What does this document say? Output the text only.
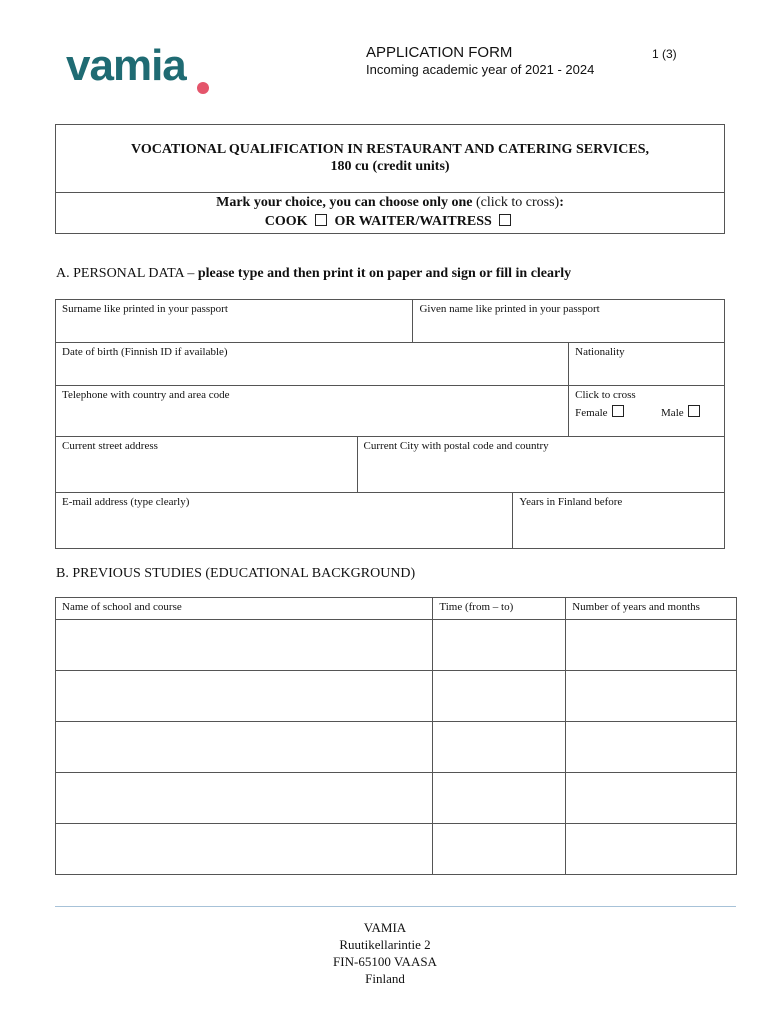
vamia	APPLICATION FORM
Incoming academic year of 2021 - 2024
1 (3)
VOCATIONAL QUALIFICATION IN RESTAURANT AND CATERING SERVICES,
180 cu (credit units)
Mark your choice, you can choose only one (click to cross):
COOK OR WAITER/WAITRESS
A. PERSONAL DATA – please type and then print it on paper and sign or fill in clearly
Surname like printed in your passport		Given name like printed in your passport		
Date of birth (Finnish ID if available)				Nationality
Telephone with country and area code				Click to cross
Female Male

Current street address	Current City with postal code and country			
E-mail address (type clearly)			Years in Finland before	
B. PREVIOUS STUDIES (EDUCATIONAL BACKGROUND)
Name of school and course	Time (from – to)	Number of years and months

VAMIA
Ruutikellarintie 2
FIN-65100 VAASA
Finland
